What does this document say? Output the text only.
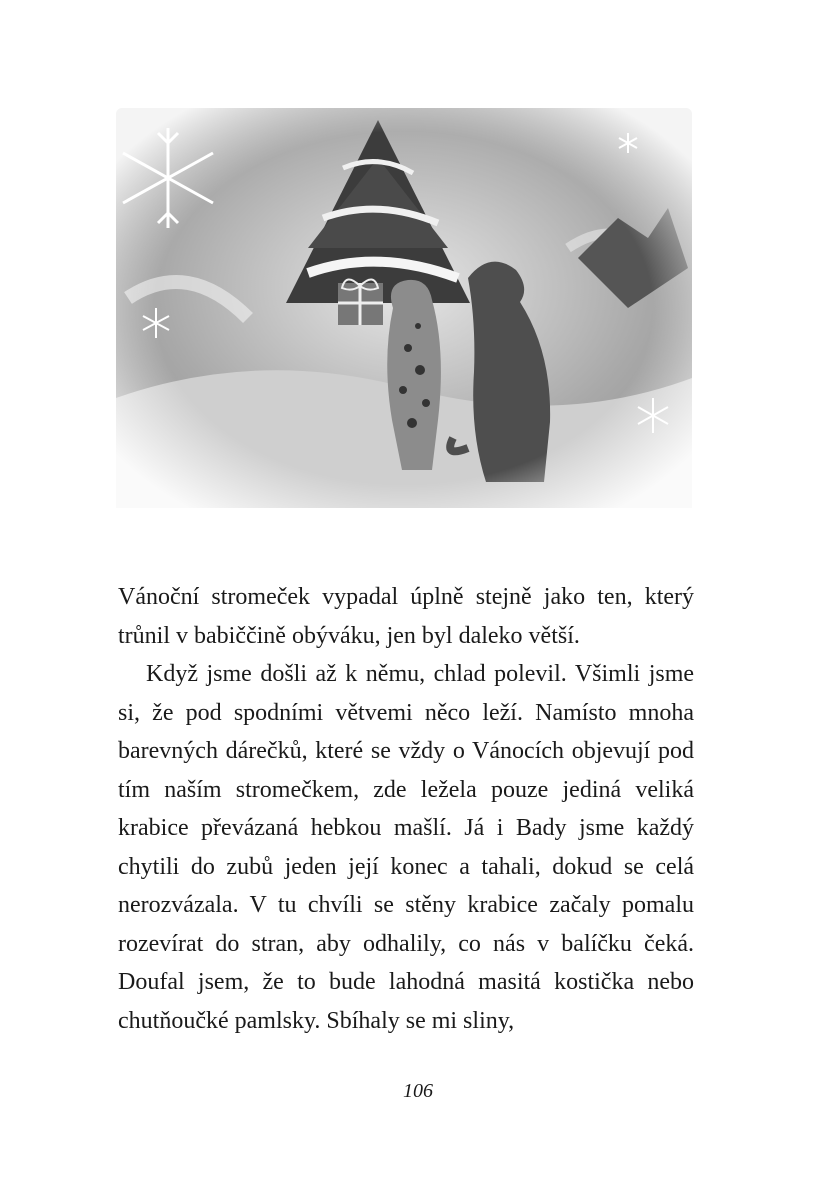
Vánoční stromeček vypadal úplně stejně jako ten, který trůnil v babiččině obýváku, jen byl daleko větší.

Když jsme došli až k němu, chlad polevil. Všimli jsme si, že pod spodními větvemi něco leží. Namísto mnoha barevných dárečků, které se vždy o Vánocích objevují pod tím naším stromečkem, zde ležela pouze jediná veliká krabice převázaná hebkou mašlí. Já i Bady jsme každý chytili do zubů jeden její konec a tahali, dokud se celá nerozvázala. V tu chvíli se stěny krabice začaly pomalu rozevírat do stran, aby odhalily, co nás v balíčku čeká. Doufal jsem, že to bude lahodná masitá kostička nebo chutňoučké pamlsky. Sbíhaly se mi sliny,

106
